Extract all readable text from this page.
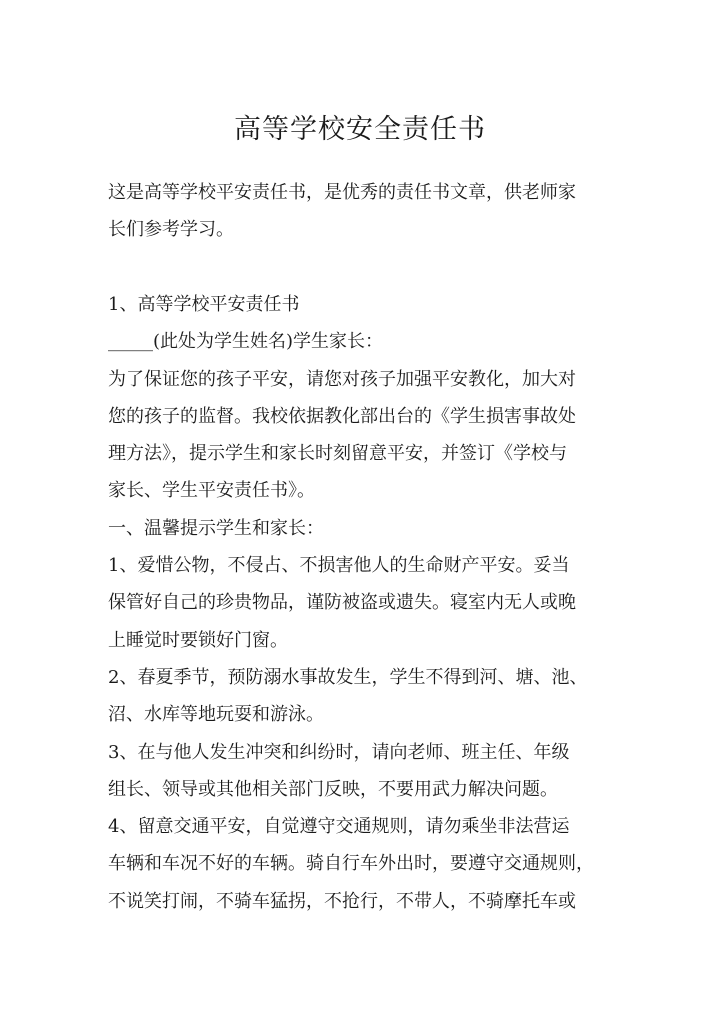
高等学校安全责任书
这是高等学校平安责任书，是优秀的责任书文章，供老师家
长们参考学习。
1、高等学校平安责任书
_____(此处为学生姓名)学生家长：
为了保证您的孩子平安，请您对孩子加强平安教化，加大对
您的孩子的监督。我校依据教化部出台的《学生损害事故处
理方法》，提示学生和家长时刻留意平安，并签订《学校与
家长、学生平安责任书》。
一、温馨提示学生和家长：
1、爱惜公物，不侵占、不损害他人的生命财产平安。妥当
保管好自己的珍贵物品，谨防被盗或遗失。寝室内无人或晚
上睡觉时要锁好门窗。
2、春夏季节，预防溺水事故发生，学生不得到河、塘、池、
沼、水库等地玩耍和游泳。
3、在与他人发生冲突和纠纷时，请向老师、班主任、年级
组长、领导或其他相关部门反映，不要用武力解决问题。
4、留意交通平安，自觉遵守交通规则，请勿乘坐非法营运
车辆和车况不好的车辆。骑自行车外出时，要遵守交通规则，
不说笑打闹，不骑车猛拐，不抢行，不带人，不骑摩托车或
